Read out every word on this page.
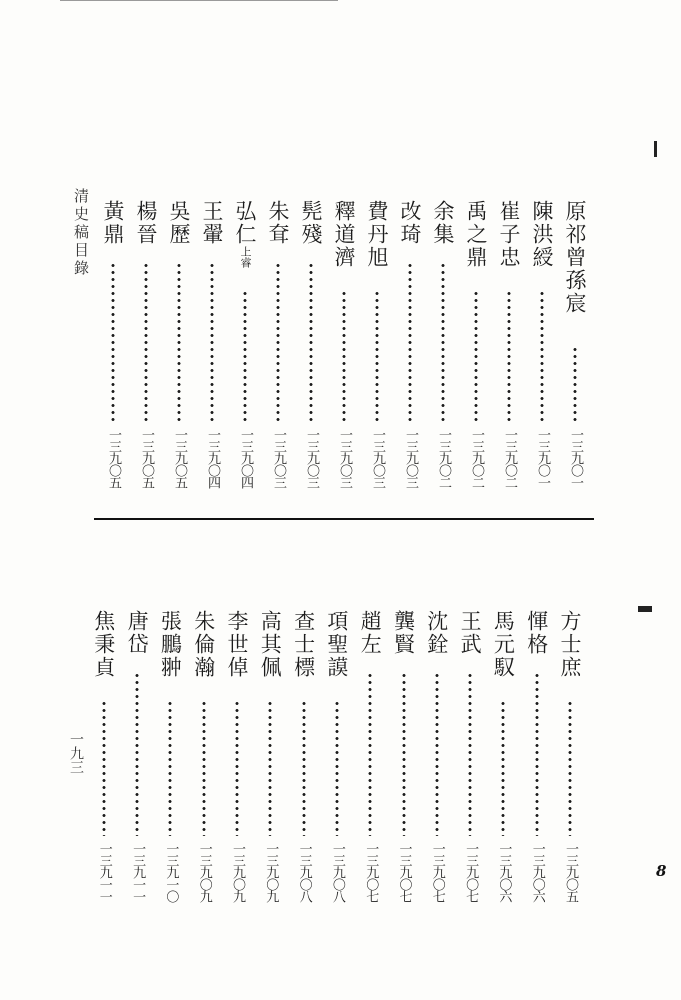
清史稿目錄
一九三
8
原祁曾孫宸
一三九〇一
陳洪綬
一三九〇一
崔子忠
一三九〇二
禹之鼎
一三九〇二
余集
一三九〇二
改琦
一三九〇三
費丹旭
一三九〇三
釋道濟
一三九〇三
髡殘
一三九〇三
朱耷
一三九〇三
弘仁上睿
一三九〇四
王翬
一三九〇四
吳歷
一三九〇五
楊晉
一三九〇五
黃鼎
一三九〇五
方士庶
一三九〇五
惲格
一三九〇六
馬元馭
一三九〇六
王武
一三九〇七
沈銓
一三九〇七
龔賢
一三九〇七
趙左
一三九〇七
項聖謨
一三九〇八
查士標
一三九〇八
高其佩
一三九〇九
李世倬
一三九〇九
朱倫瀚
一三九〇九
張鵬翀
一三九一〇
唐岱
一三九一一
焦秉貞
一三九一一
